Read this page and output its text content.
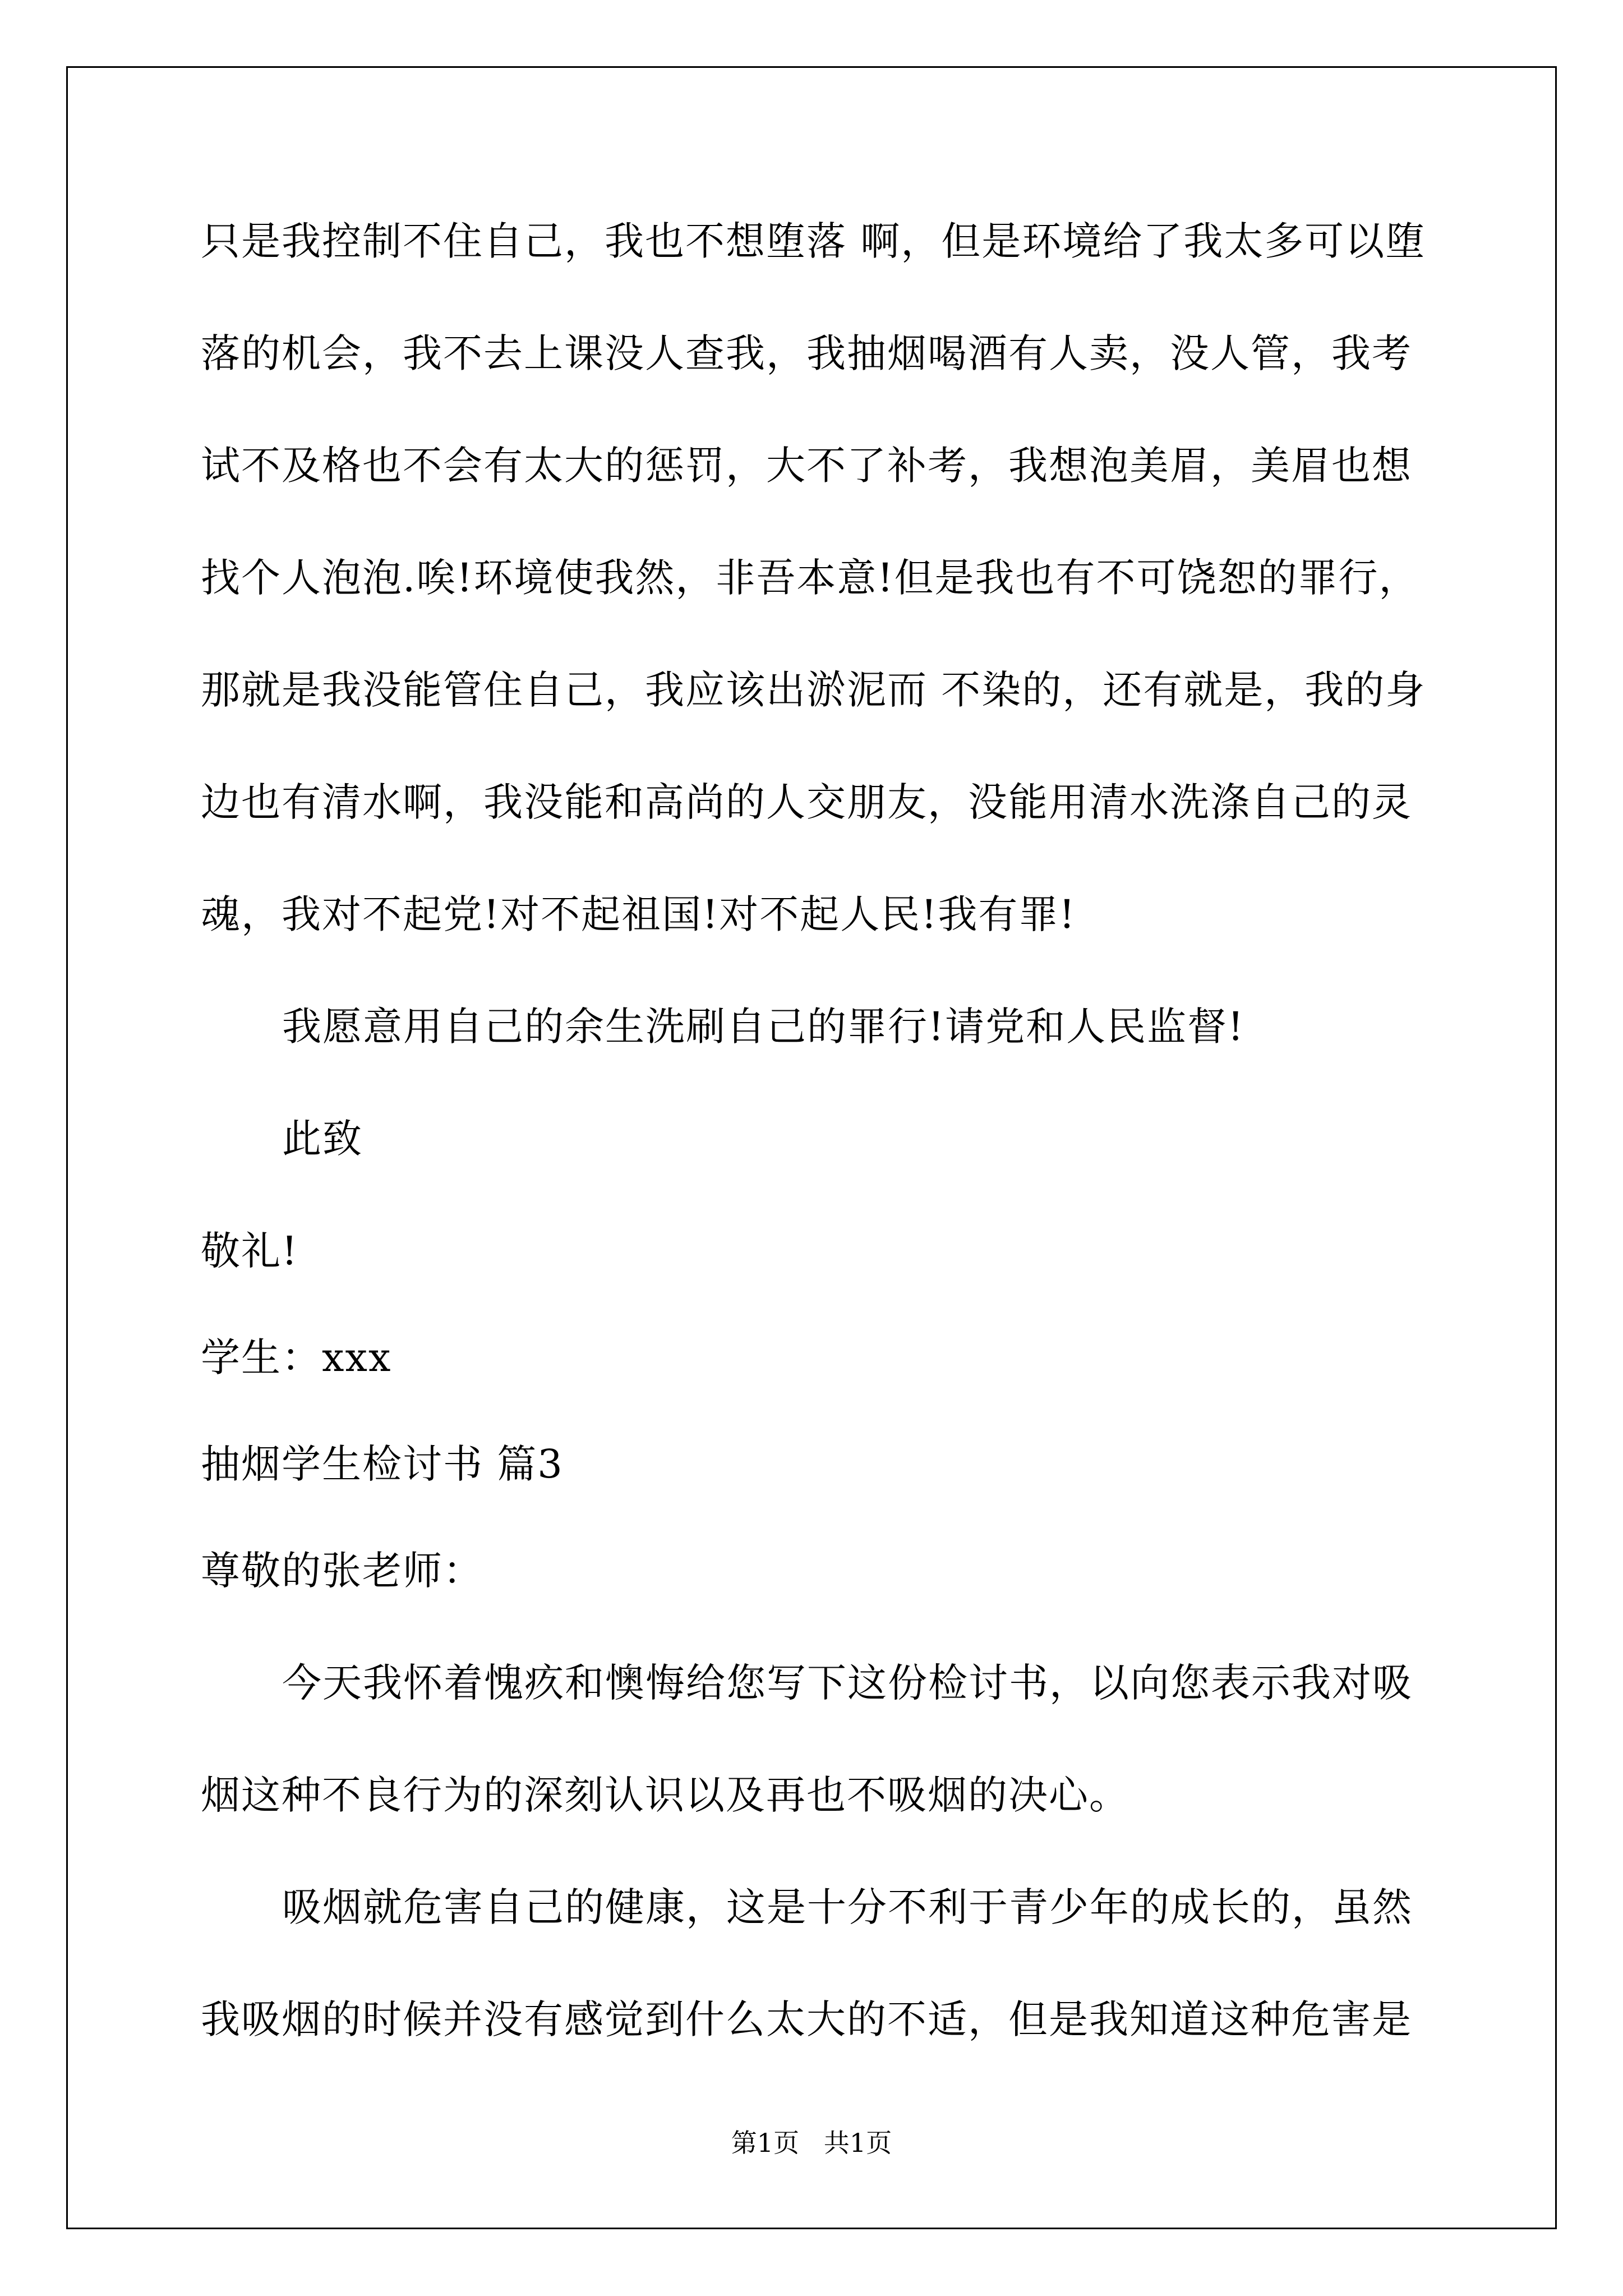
只是我控制不住自己，我也不想堕落 啊，但是环境给了我太多可以堕
落的机会，我不去上课没人查我，我抽烟喝酒有人卖，没人管，我考
试不及格也不会有太大的惩罚，大不了补考，我想泡美眉，美眉也想
找个人泡泡.唉!环境使我然，非吾本意!但是我也有不可饶恕的罪行，
那就是我没能管住自己，我应该出淤泥而 不染的，还有就是，我的身
边也有清水啊，我没能和高尚的人交朋友，没能用清水洗涤自己的灵
魂，我对不起党!对不起祖国!对不起人民!我有罪!
我愿意用自己的余生洗刷自己的罪行!请党和人民监督!
此致
敬礼!
学生：xxx
抽烟学生检讨书 篇3
尊敬的张老师：
今天我怀着愧疚和懊悔给您写下这份检讨书，以向您表示我对吸
烟这种不良行为的深刻认识以及再也不吸烟的决心。
吸烟就危害自己的健康，这是十分不利于青少年的成长的，虽然
我吸烟的时候并没有感觉到什么太大的不适，但是我知道这种危害是
第1页   共1页
